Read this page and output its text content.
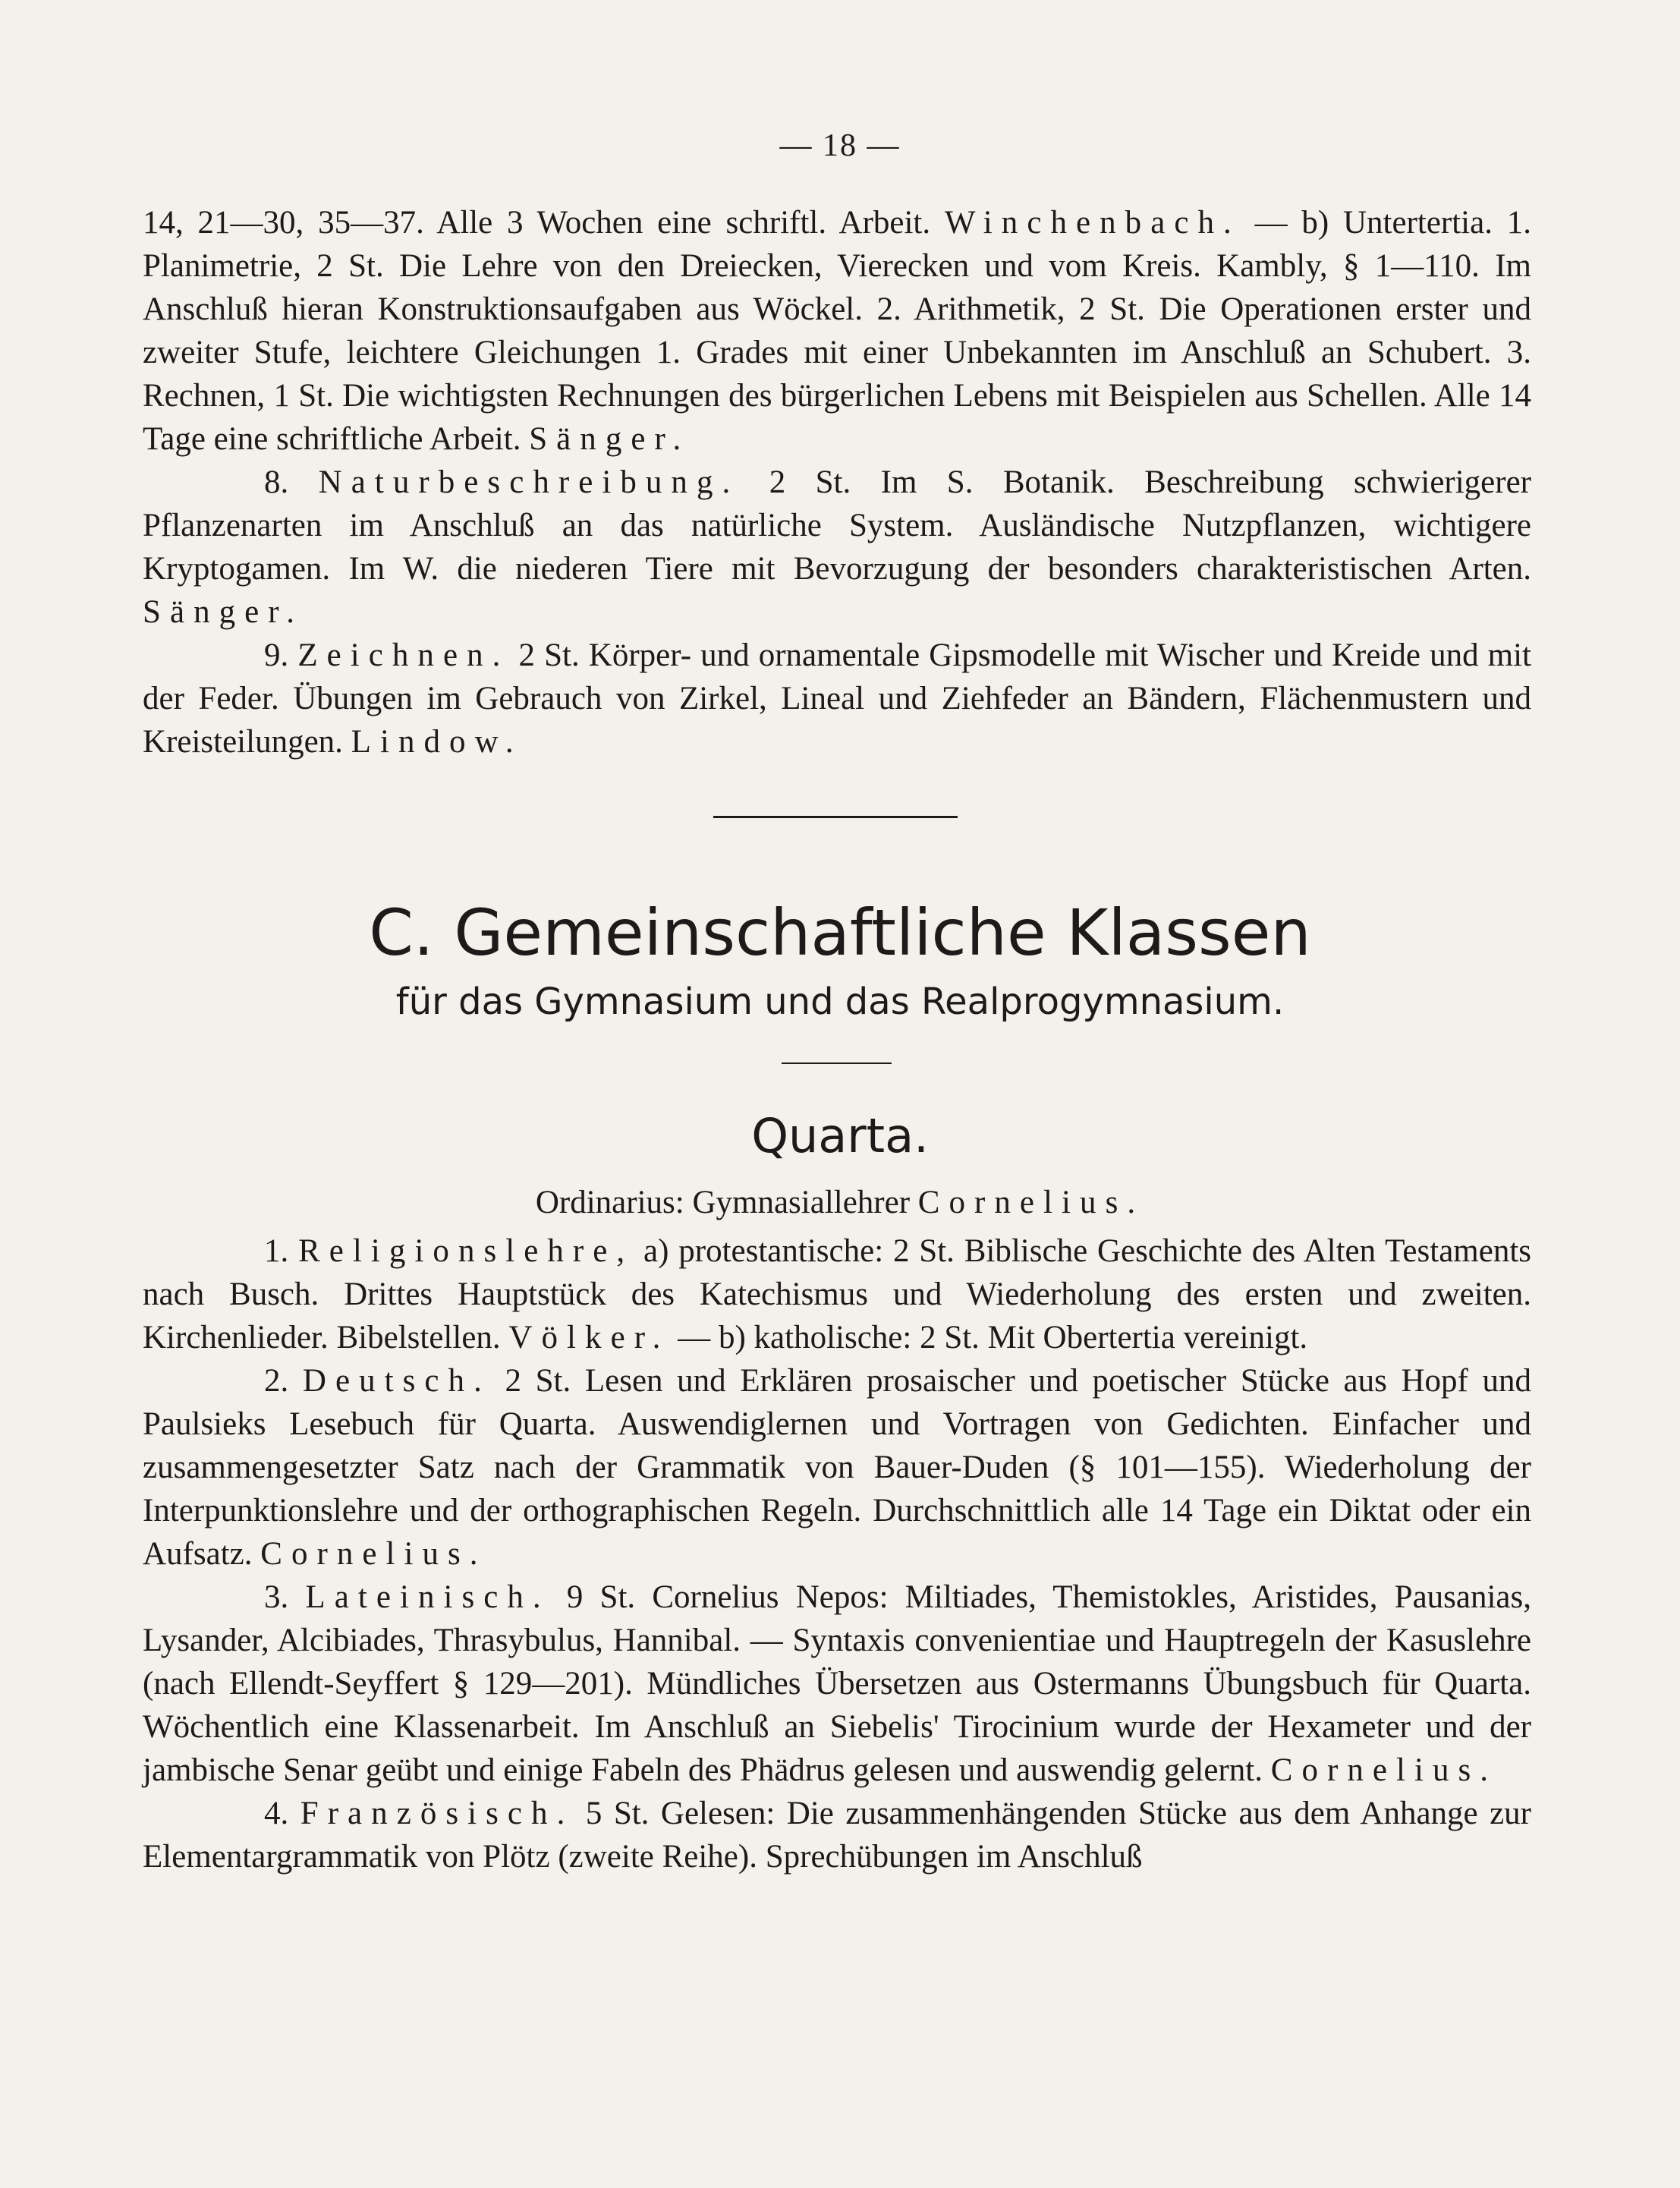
— 18 —

14, 21—30, 35—37. Alle 3 Wochen eine schriftl. Arbeit. Winchenbach. — b) Untertertia. 1. Planimetrie, 2 St. Die Lehre von den Dreiecken, Vierecken und vom Kreis. Kambly, § 1—110. Im Anschluß hieran Konstruktionsaufgaben aus Wöckel. 2. Arithmetik, 2 St. Die Operationen erster und zweiter Stufe, leichtere Gleichungen 1. Grades mit einer Unbekannten im Anschluß an Schubert. 3. Rechnen, 1 St. Die wichtigsten Rechnungen des bürgerlichen Lebens mit Beispielen aus Schellen. Alle 14 Tage eine schriftliche Arbeit. Sänger.

8. Naturbeschreibung. 2 St. Im S. Botanik. Beschreibung schwierigerer Pflanzenarten im Anschluß an das natürliche System. Ausländische Nutzpflanzen, wichtigere Kryptogamen. Im W. die niederen Tiere mit Bevorzugung der besonders charakteristischen Arten. Sänger.

9. Zeichnen. 2 St. Körper- und ornamentale Gipsmodelle mit Wischer und Kreide und mit der Feder. Übungen im Gebrauch von Zirkel, Lineal und Ziehfeder an Bändern, Flächenmustern und Kreisteilungen. Lindow.

C. Gemeinschaftliche Klassen
für das Gymnasium und das Realprogymnasium.
Quarta.
Ordinarius: Gymnasiallehrer Cornelius.

1. Religionslehre, a) protestantische: 2 St. Biblische Geschichte des Alten Testaments nach Busch. Drittes Hauptstück des Katechismus und Wiederholung des ersten und zweiten. Kirchenlieder. Bibelstellen. Völker. — b) katholische: 2 St. Mit Obertertia vereinigt.

2. Deutsch. 2 St. Lesen und Erklären prosaischer und poetischer Stücke aus Hopf und Paulsieks Lesebuch für Quarta. Auswendiglernen und Vortragen von Gedichten. Einfacher und zusammengesetzter Satz nach der Grammatik von Bauer-Duden (§ 101—155). Wiederholung der Interpunktionslehre und der orthographischen Regeln. Durchschnittlich alle 14 Tage ein Diktat oder ein Aufsatz. Cornelius.

3. Lateinisch. 9 St. Cornelius Nepos: Miltiades, Themistokles, Aristides, Pausanias, Lysander, Alcibiades, Thrasybulus, Hannibal. — Syntaxis convenientiae und Hauptregeln der Kasuslehre (nach Ellendt-Seyffert § 129—201). Mündliches Übersetzen aus Ostermanns Übungsbuch für Quarta. Wöchentlich eine Klassenarbeit. Im Anschluß an Siebelis' Tirocinium wurde der Hexameter und der jambische Senar geübt und einige Fabeln des Phädrus gelesen und auswendig gelernt. Cornelius.

4. Französisch. 5 St. Gelesen: Die zusammenhängenden Stücke aus dem Anhange zur Elementargrammatik von Plötz (zweite Reihe). Sprechübungen im Anschluß
